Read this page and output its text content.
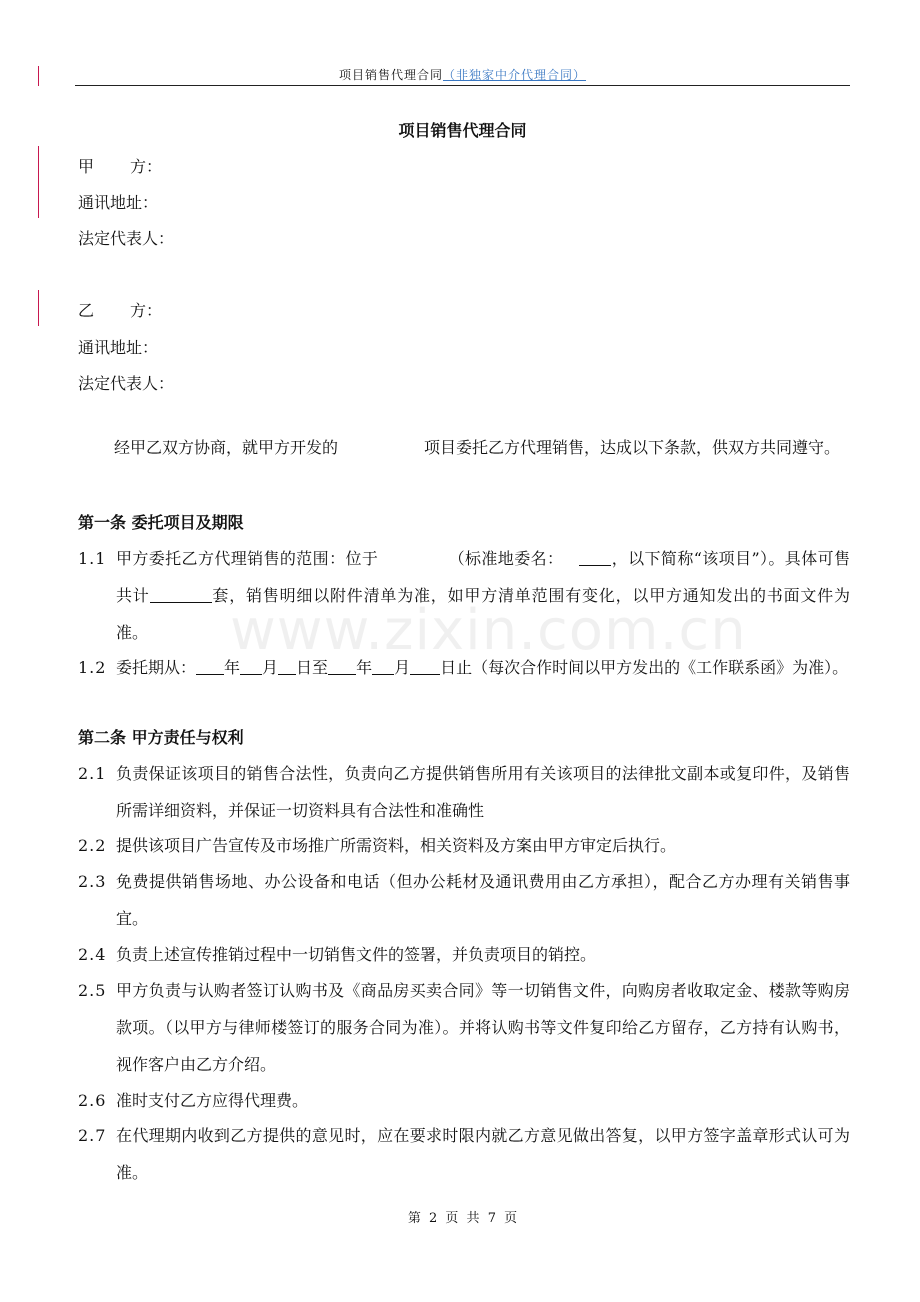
项目销售代理合同（非独家中介代理合同）
项目销售代理合同
甲 方：
通讯地址：
法定代表人：
乙 方：
通讯地址：
法定代表人：
经甲乙双方协商，就甲方开发的	项目委托乙方代理销售，达成以下条款，供双方共同遵守。
第一条 委托项目及期限
1.1 甲方委托乙方代理销售的范围：位于	（标准地委名：	，以下简称“该项目”）。具体可售共计	套，销售明细以附件清单为准，如甲方清单范围有变化，以甲方通知发出的书面文件为准。
1.2 委托期从： 年 月 日至 年 月 日止（每次合作时间以甲方发出的《工作联系函》为准）。
www.zixin.com.cn
第二条 甲方责任与权利
2.1 负责保证该项目的销售合法性，负责向乙方提供销售所用有关该项目的法律批文副本或复印件，及销售所需详细资料，并保证一切资料具有合法性和准确性
2.2 提供该项目广告宣传及市场推广所需资料，相关资料及方案由甲方审定后执行。
2.3 免费提供销售场地、办公设备和电话（但办公耗材及通讯费用由乙方承担），配合乙方办理有关销售事宜。
2.4 负责上述宣传推销过程中一切销售文件的签署，并负责项目的销控。
2.5 甲方负责与认购者签订认购书及《商品房买卖合同》等一切销售文件，向购房者收取定金、楼款等购房款项。（以甲方与律师楼签订的服务合同为准）。并将认购书等文件复印给乙方留存，乙方持有认购书，视作客户由乙方介绍。
2.6 准时支付乙方应得代理费。
2.7 在代理期内收到乙方提供的意见时，应在要求时限内就乙方意见做出答复，以甲方签字盖章形式认可为准。
第 2 页 共 7 页
